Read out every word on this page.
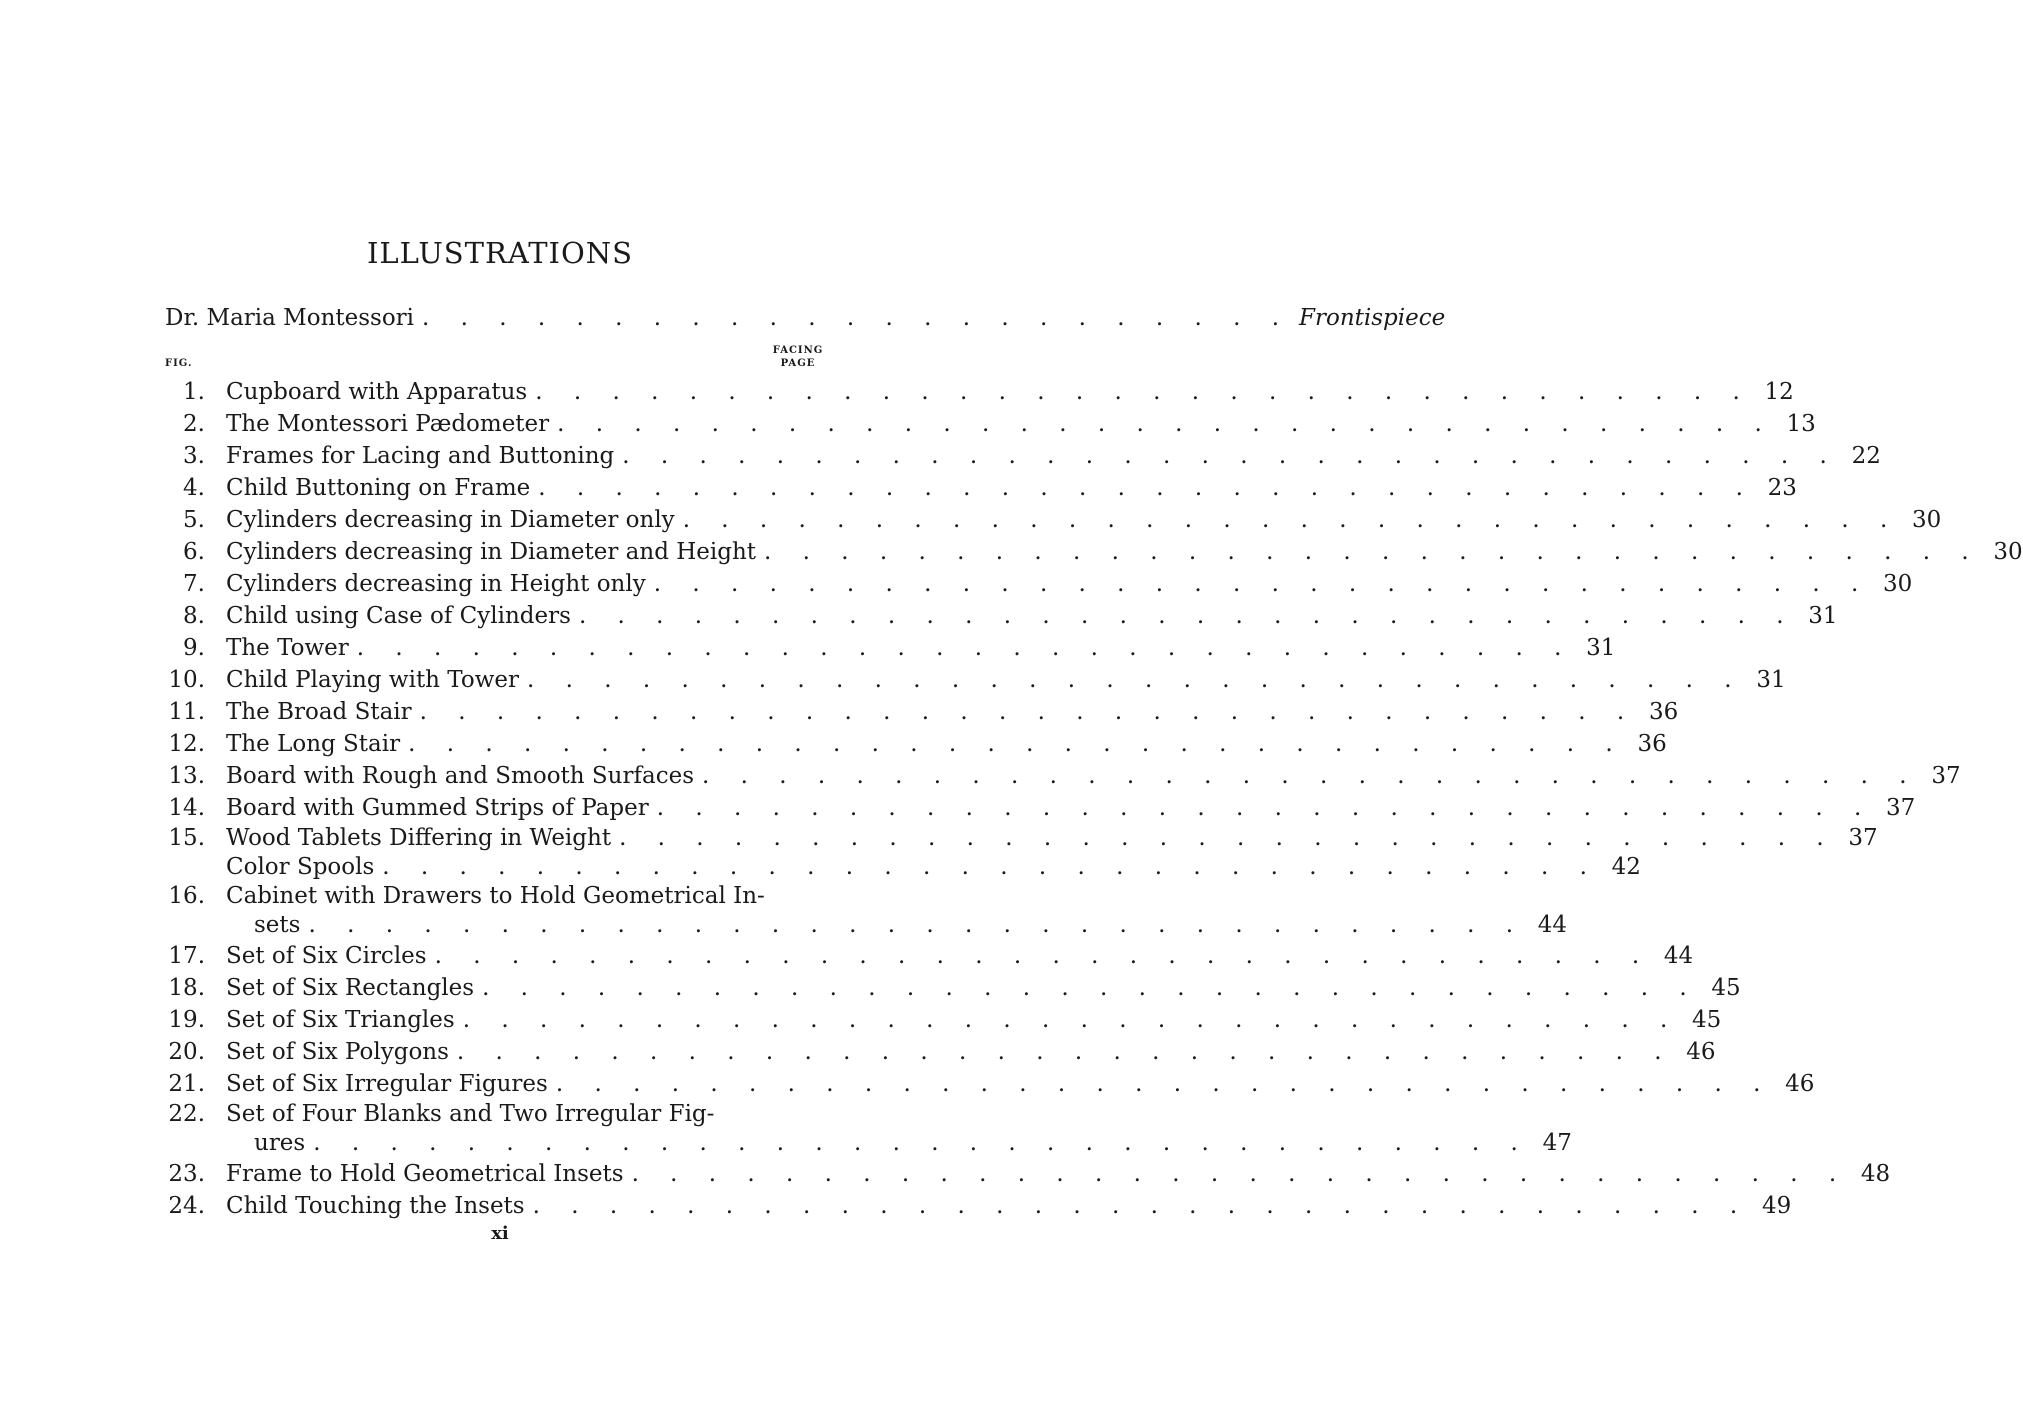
ILLUSTRATIONS
Dr. Maria Montessori . . . . . . . . . . . . . . . . . . . . . . . Frontispiece
FACING
PAGE
FIG.
1. Cupboard with Apparatus . . . . . . . . . . . . . . . . . . . . . . . . . . . . . . . . 12
2. The Montessori Pædometer . . . . . . . . . . . . . . . . . . . . . . . . . . . . . . . . 13
3. Frames for Lacing and Buttoning . . . . . . . . . . . . . . . . . . . . . . . . . . . . . . . . 22
4. Child Buttoning on Frame . . . . . . . . . . . . . . . . . . . . . . . . . . . . . . . . 23
5. Cylinders decreasing in Diameter only . . . . . . . . . . . . . . . . . . . . . . . . . . . . . . . . 30
6. Cylinders decreasing in Diameter and Height . . . . . . . . . . . . . . . . . . . . . . . . . . . . . . . . 30
7. Cylinders decreasing in Height only . . . . . . . . . . . . . . . . . . . . . . . . . . . . . . . . 30
8. Child using Case of Cylinders . . . . . . . . . . . . . . . . . . . . . . . . . . . . . . . . 31
9. The Tower . . . . . . . . . . . . . . . . . . . . . . . . . . . . . . . . 31
10. Child Playing with Tower . . . . . . . . . . . . . . . . . . . . . . . . . . . . . . . . 31
11. The Broad Stair . . . . . . . . . . . . . . . . . . . . . . . . . . . . . . . . 36
12. The Long Stair . . . . . . . . . . . . . . . . . . . . . . . . . . . . . . . . 36
13. Board with Rough and Smooth Surfaces . . . . . . . . . . . . . . . . . . . . . . . . . . . . . . . . 37
14. Board with Gummed Strips of Paper . . . . . . . . . . . . . . . . . . . . . . . . . . . . . . . . 37
15. Wood Tablets Differing in Weight . . . . . . . . . . . . . . . . . . . . . . . . . . . . . . . . 37
Color Spools . . . . . . . . . . . . . . . . . . . . . . . . . . . . . . . . 42
16. Cabinet with Drawers to Hold Geometrical In-
sets . . . . . . . . . . . . . . . . . . . . . . . . . . . . . . . . 44
17. Set of Six Circles . . . . . . . . . . . . . . . . . . . . . . . . . . . . . . . . 44
18. Set of Six Rectangles . . . . . . . . . . . . . . . . . . . . . . . . . . . . . . . . 45
19. Set of Six Triangles . . . . . . . . . . . . . . . . . . . . . . . . . . . . . . . . 45
20. Set of Six Polygons . . . . . . . . . . . . . . . . . . . . . . . . . . . . . . . . 46
21. Set of Six Irregular Figures . . . . . . . . . . . . . . . . . . . . . . . . . . . . . . . . 46
22. Set of Four Blanks and Two Irregular Fig-
ures . . . . . . . . . . . . . . . . . . . . . . . . . . . . . . . . 47
23. Frame to Hold Geometrical Insets . . . . . . . . . . . . . . . . . . . . . . . . . . . . . . . . 48
24. Child Touching the Insets . . . . . . . . . . . . . . . . . . . . . . . . . . . . . . . . 49
xi
